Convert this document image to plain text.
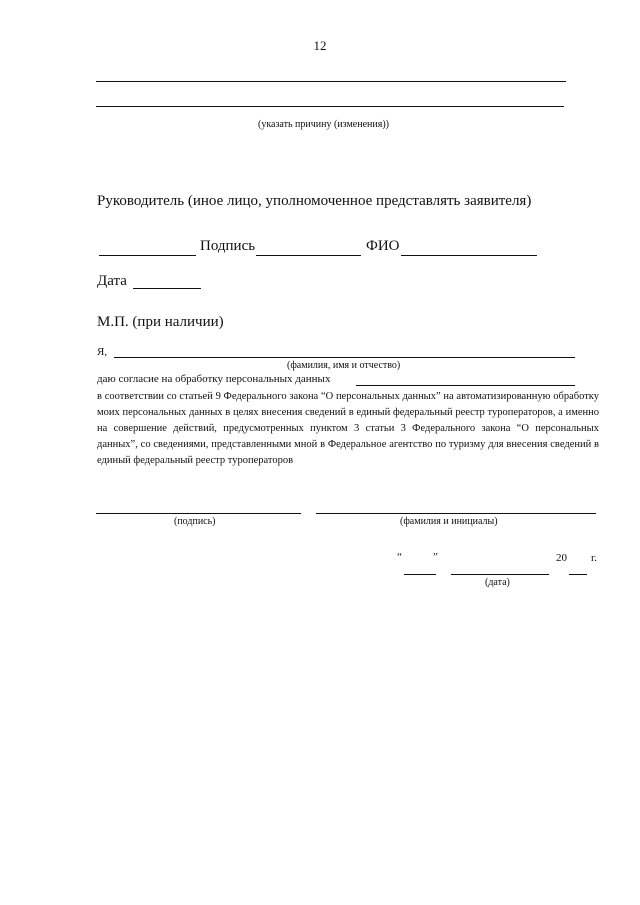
12
(указать причину (изменения))
Руководитель (иное лицо, уполномоченное представлять заявителя)
Подпись	ФИО
Дата
М.П. (при наличии)
Я,
(фамилия, имя и отчество)
даю согласие на обработку персональных данных
в соответствии со статьей 9 Федерального закона “О персональных данных” на автоматизированную обработку моих персональных данных в целях внесения сведений в единый федеральный реестр туроператоров, а именно на совершение действий, предусмотренных пунктом 3 статьи 3 Федерального закона “О персональных данных”, со сведениями, представленными мной в Федеральное агентство по туризму для внесения сведений в единый федеральный реестр туроператоров
(подпись)	(фамилия и инициалы)
“	”	20 г.
(дата)
